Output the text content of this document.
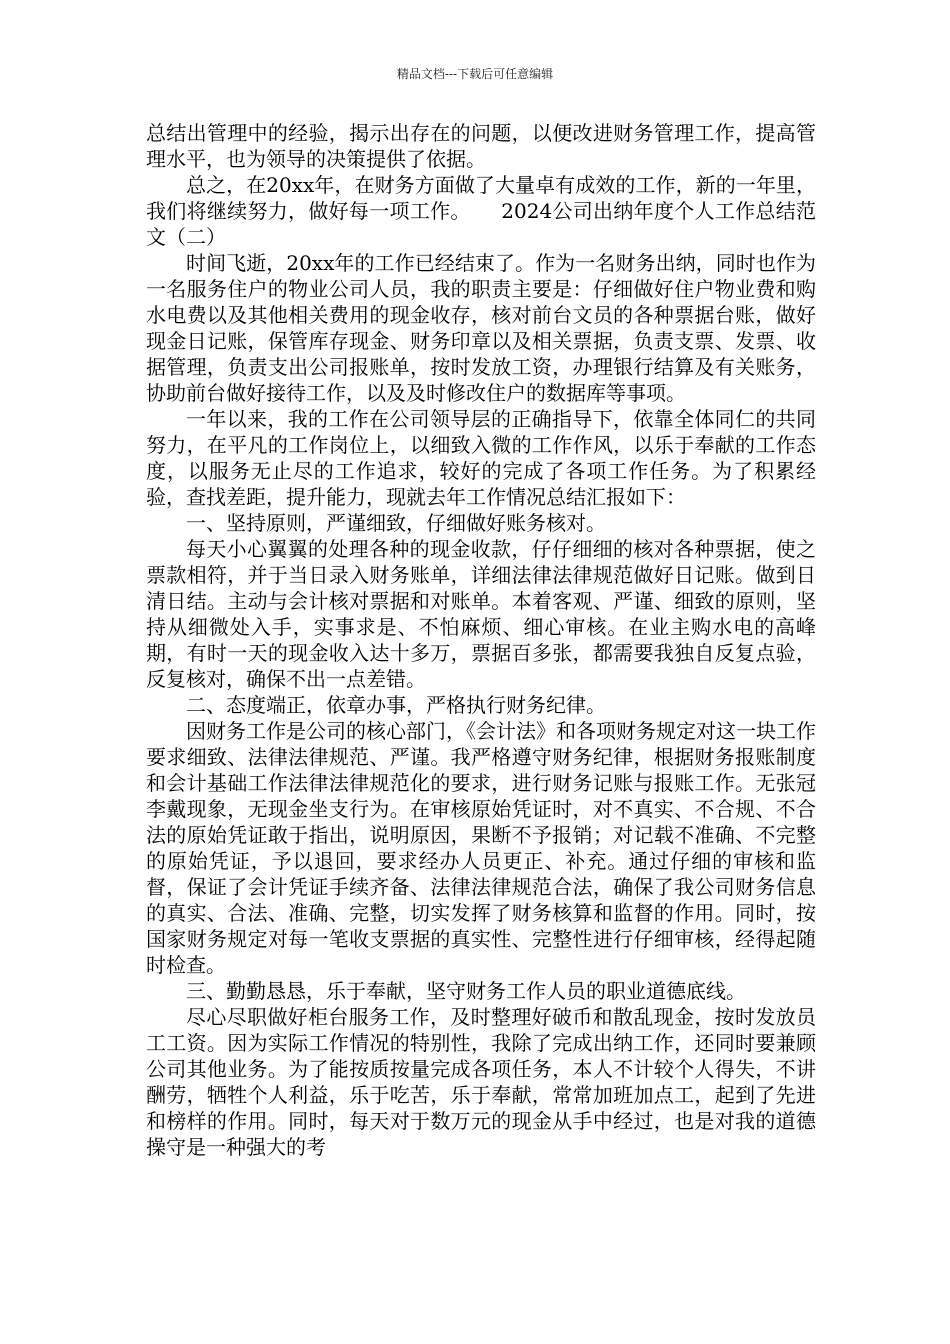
精品文档---下载后可任意编辑

总结出管理中的经验，揭示出存在的问题，以便改进财务管理工作，提高管理水平，也为领导的决策提供了依据。

总之，在20xx年，在财务方面做了大量卓有成效的工作，新的一年里，我们将继续努力，做好每一项工作。　　2024公司出纳年度个人工作总结范文（二）

时间飞逝，20xx年的工作已经结束了。作为一名财务出纳，同时也作为一名服务住户的物业公司人员，我的职责主要是：仔细做好住户物业费和购水电费以及其他相关费用的现金收存，核对前台文员的各种票据台账，做好现金日记账，保管库存现金、财务印章以及相关票据，负责支票、发票、收据管理，负责支出公司报账单，按时发放工资，办理银行结算及有关账务，协助前台做好接待工作，以及及时修改住户的数据库等事项。

一年以来，我的工作在公司领导层的正确指导下，依靠全体同仁的共同努力，在平凡的工作岗位上，以细致入微的工作作风，以乐于奉献的工作态度，以服务无止尽的工作追求，较好的完成了各项工作任务。为了积累经验，查找差距，提升能力，现就去年工作情况总结汇报如下：

一、坚持原则，严谨细致，仔细做好账务核对。

每天小心翼翼的处理各种的现金收款，仔仔细细的核对各种票据，使之票款相符，并于当日录入财务账单，详细法律法律规范做好日记账。做到日清日结。主动与会计核对票据和对账单。本着客观、严谨、细致的原则，坚持从细微处入手，实事求是、不怕麻烦、细心审核。在业主购水电的高峰期，有时一天的现金收入达十多万，票据百多张，都需要我独自反复点验，反复核对，确保不出一点差错。

二、态度端正，依章办事，严格执行财务纪律。

因财务工作是公司的核心部门，《会计法》和各项财务规定对这一块工作要求细致、法律法律规范、严谨。我严格遵守财务纪律，根据财务报账制度和会计基础工作法律法律规范化的要求，进行财务记账与报账工作。无张冠李戴现象，无现金坐支行为。在审核原始凭证时，对不真实、不合规、不合法的原始凭证敢于指出，说明原因，果断不予报销；对记载不准确、不完整的原始凭证，予以退回，要求经办人员更正、补充。通过仔细的审核和监督，保证了会计凭证手续齐备、法律法律规范合法，确保了我公司财务信息的真实、合法、准确、完整，切实发挥了财务核算和监督的作用。同时，按国家财务规定对每一笔收支票据的真实性、完整性进行仔细审核，经得起随时检查。

三、勤勤恳恳，乐于奉献，坚守财务工作人员的职业道德底线。

尽心尽职做好柜台服务工作，及时整理好破币和散乱现金，按时发放员工工资。因为实际工作情况的特别性，我除了完成出纳工作，还同时要兼顾公司其他业务。为了能按质按量完成各项任务，本人不计较个人得失，不讲酬劳，牺牲个人利益，乐于吃苦，乐于奉献，常常加班加点工，起到了先进和榜样的作用。同时，每天对于数万元的现金从手中经过，也是对我的道德操守是一种强大的考
